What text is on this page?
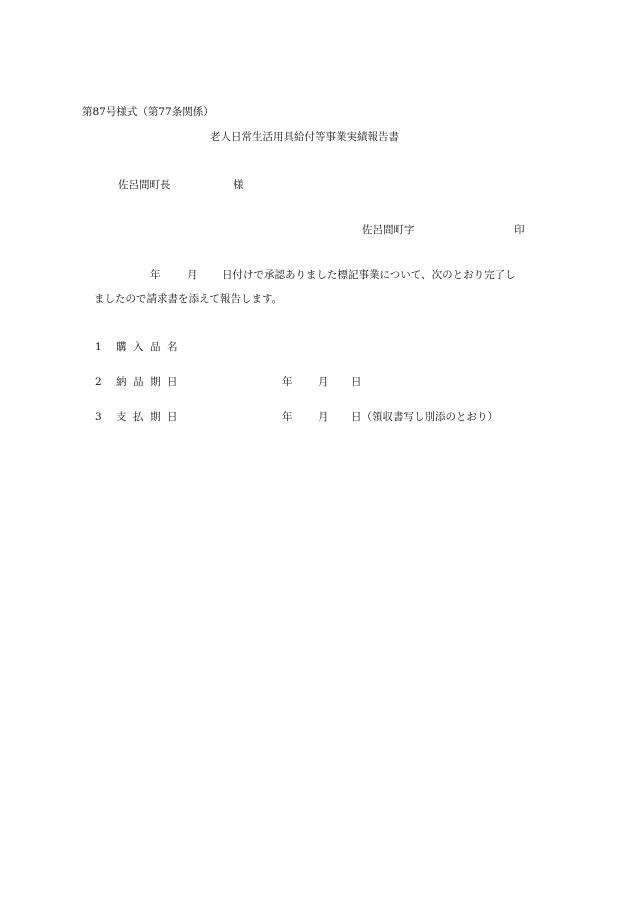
第87号様式（第77条関係）
老人日常生活用具給付等事業実績報告書
佐呂間町長	様
佐呂間町字	印
年	月 日付けで承認ありました標記事業について、次のとおり完了し
ましたので請求書を添えて報告します。
1 購入品名
2 納品期日	年 月 日
3 支払期日	年 月 日（領収書写し別添のとおり）
